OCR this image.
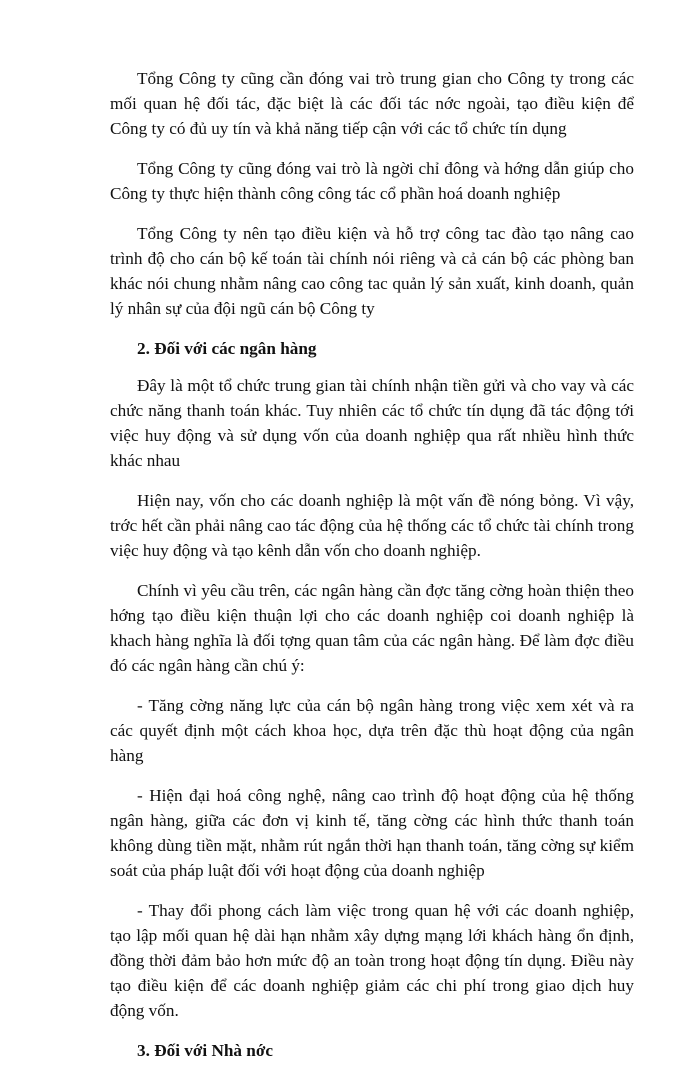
Tổng Công ty cũng cần đóng vai trò trung gian cho Công ty trong các mối quan hệ đối tác, đặc biệt là các đối tác nớc ngoài, tạo điều kiện để Công ty có đủ uy tín và khả năng tiếp cận với các tổ chức tín dụng

Tổng Công ty cũng đóng vai trò là ngời chỉ đông và hớng dẫn giúp cho Công ty thực hiện thành công công tác cổ phần hoá doanh nghiệp

Tổng Công ty nên tạo điều kiện và hỗ trợ công tac đào tạo nâng cao trình độ cho cán bộ kế toán tài chính nói riêng và cả cán bộ các phòng ban khác nói chung nhằm nâng cao công tac quản lý sản xuất, kinh doanh, quản lý nhân sự của đội ngũ cán bộ Công ty

2. Đối với các ngân hàng

Đây là một tổ chức trung gian tài chính nhận tiền gửi và cho vay và các chức năng thanh toán khác. Tuy nhiên các tổ chức tín dụng đã tác động tới việc huy động và sử dụng vốn của doanh nghiệp qua rất nhiều hình thức khác nhau

Hiện nay, vốn cho các doanh nghiệp là một vấn đề nóng bỏng. Vì vậy, trớc hết cần phải nâng cao tác động của hệ thống các tổ chức tài chính trong việc huy động và tạo kênh dẫn vốn cho doanh nghiệp.

Chính vì yêu cầu trên, các ngân hàng cần đợc tăng cờng hoàn thiện theo hớng tạo điều kiện thuận lợi cho các doanh nghiệp coi doanh nghiệp là khach hàng nghĩa là đối tợng quan tâm của các ngân hàng. Để làm đợc điều đó các ngân hàng cần chú ý:

- Tăng cờng năng lực của cán bộ ngân hàng trong việc xem xét và ra các quyết định một cách khoa học, dựa trên đặc thù hoạt động của ngân hàng

- Hiện đại hoá công nghệ, nâng cao trình độ hoạt động của hệ thống ngân hàng, giữa các đơn vị kinh tế, tăng cờng các hình thức thanh toán không dùng tiền mặt, nhằm rút ngắn thời hạn thanh toán, tăng cờng sự kiểm soát của pháp luật đối với hoạt động của doanh nghiệp

- Thay đổi phong cách làm việc trong quan hệ với các doanh nghiệp, tạo lập mối quan hệ dài hạn nhằm xây dựng mạng lới khách hàng ổn định, đồng thời đảm bảo hơn mức độ an toàn trong hoạt động tín dụng. Điều này tạo điều kiện để các doanh nghiệp giảm các chi phí trong giao dịch huy động vốn.

3. Đối với Nhà nớc
